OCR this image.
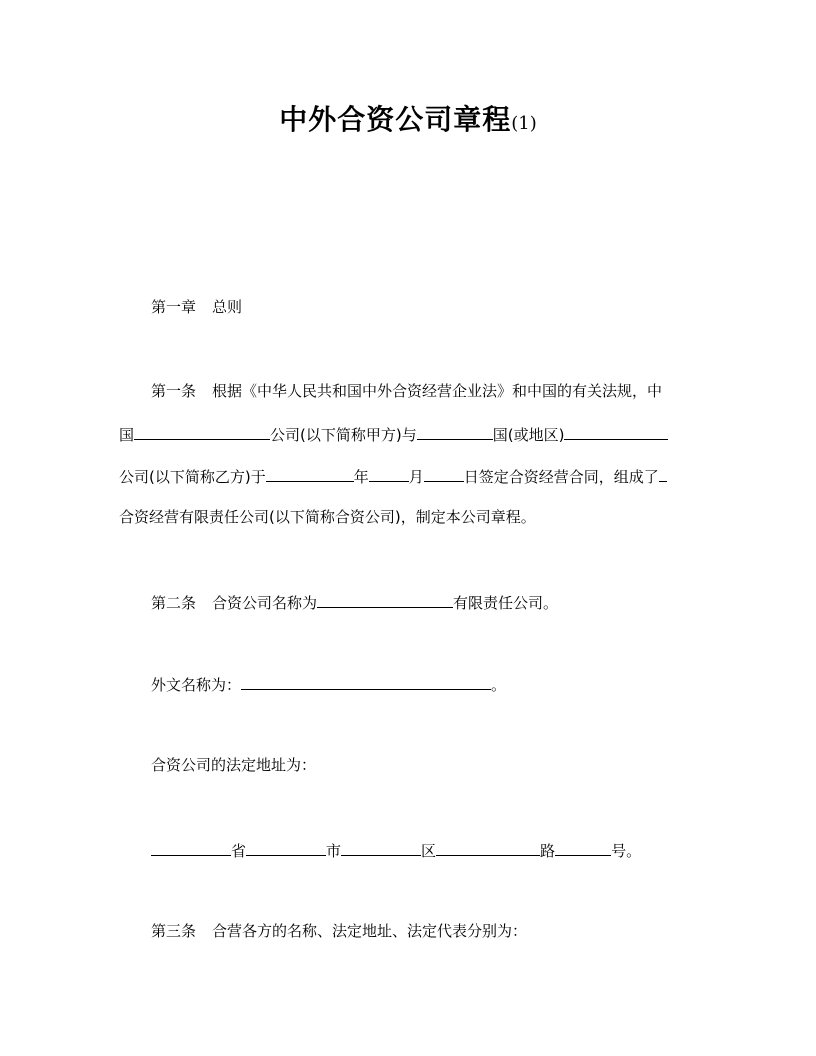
中外合资公司章程(1)
第一章 总则
第一条 根据《中华人民共和国中外合资经营企业法》和中国的有关法规，中
国	公司(以下简称甲方)与	国(或地区)
公司(以下简称乙方)于	年	月	日签定合资经营合同，组成了
合资经营有限责任公司(以下简称合资公司)，制定本公司章程。
第二条 合资公司名称为	有限责任公司。
外文名称为：	。
合资公司的法定地址为：
省	市	区	路	号。
第三条 合营各方的名称、法定地址、法定代表分别为：
